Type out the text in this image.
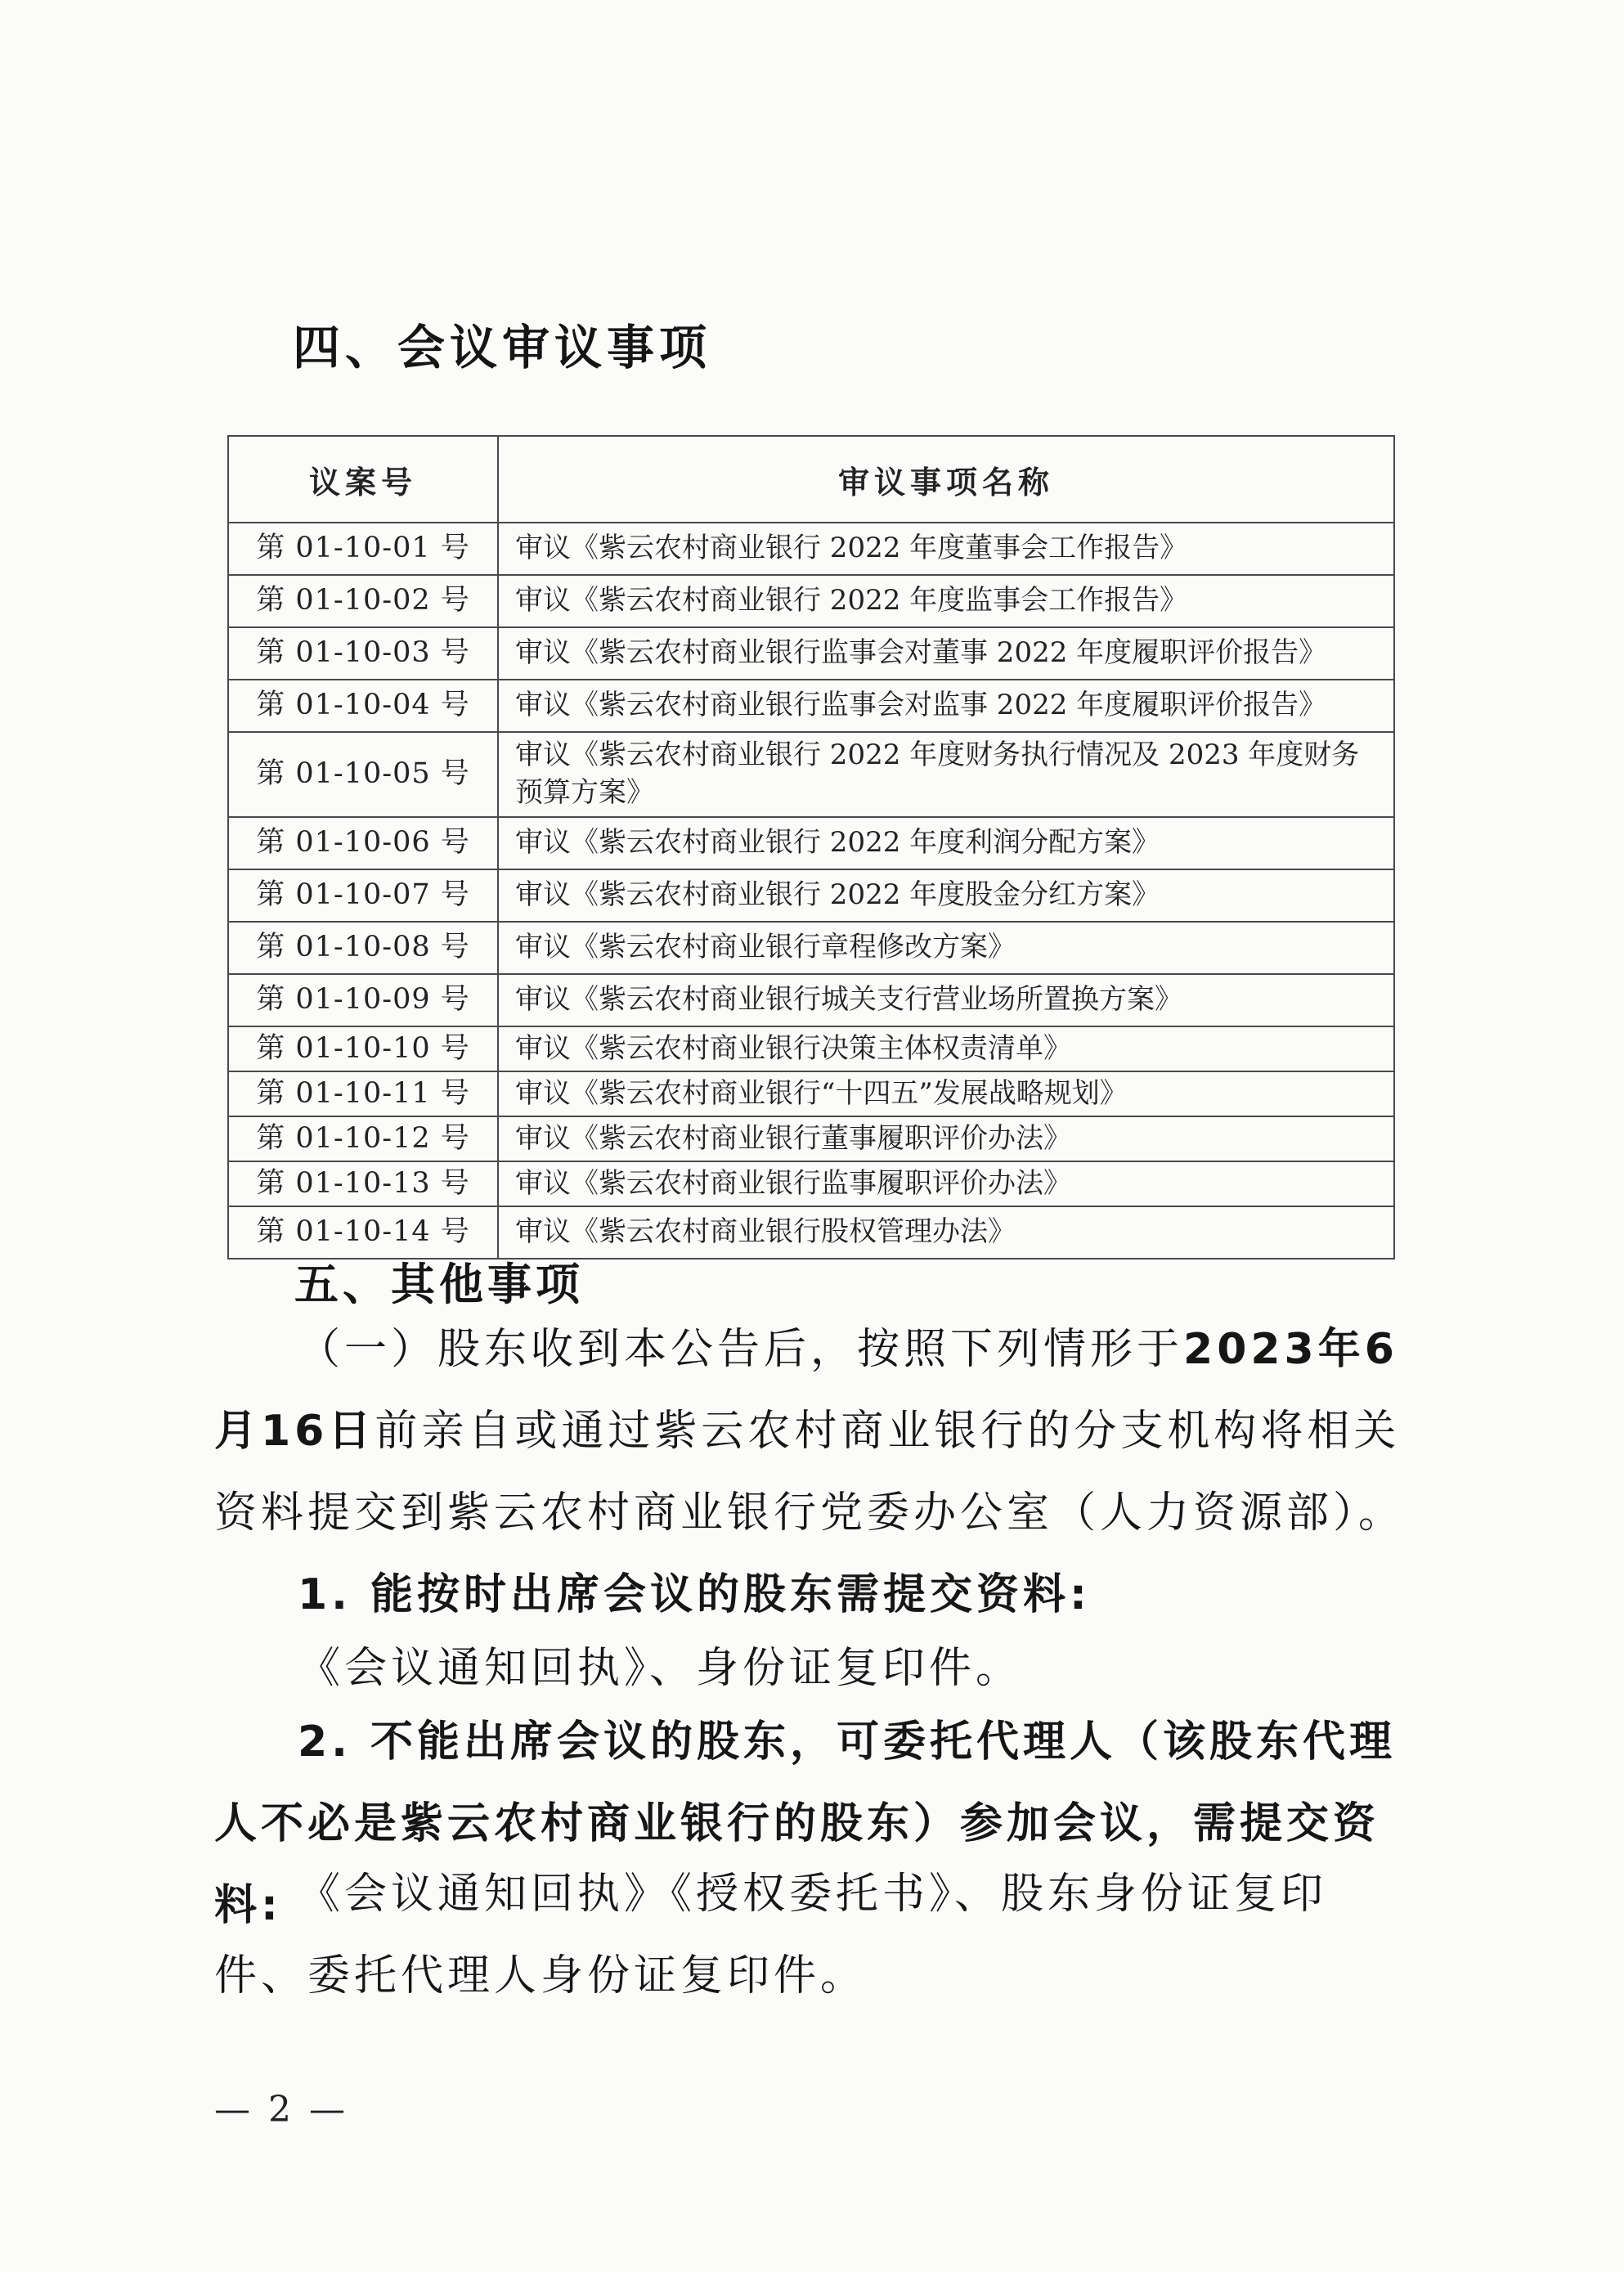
四、会议审议事项
议案号	审议事项名称
第 01-10-01 号	审议《紫云农村商业银行 2022 年度董事会工作报告》
第 01-10-02 号	审议《紫云农村商业银行 2022 年度监事会工作报告》
第 01-10-03 号	审议《紫云农村商业银行监事会对董事 2022 年度履职评价报告》
第 01-10-04 号	审议《紫云农村商业银行监事会对监事 2022 年度履职评价报告》
第 01-10-05 号	审议《紫云农村商业银行 2022 年度财务执行情况及 2023 年度财务预算方案》
第 01-10-06 号	审议《紫云农村商业银行 2022 年度利润分配方案》
第 01-10-07 号	审议《紫云农村商业银行 2022 年度股金分红方案》
第 01-10-08 号	审议《紫云农村商业银行章程修改方案》
第 01-10-09 号	审议《紫云农村商业银行城关支行营业场所置换方案》
第 01-10-10 号	审议《紫云农村商业银行决策主体权责清单》
第 01-10-11 号	审议《紫云农村商业银行“十四五”发展战略规划》
第 01-10-12 号	审议《紫云农村商业银行董事履职评价办法》
第 01-10-13 号	审议《紫云农村商业银行监事履职评价办法》
第 01-10-14 号	审议《紫云农村商业银行股权管理办法》
五、其他事项
（一）股东收到本公告后，按照下列情形于2023年6月16日前亲自或通过紫云农村商业银行的分支机构将相关资料提交到紫云农村商业银行党委办公室（人力资源部）。
1. 能按时出席会议的股东需提交资料:
《会议通知回执》、身份证复印件。
2. 不能出席会议的股东，可委托代理人（该股东代理人不必是紫云农村商业银行的股东）参加会议，需提交资料: 《会议通知回执》《授权委托书》、股东身份证复印件、委托代理人身份证复印件。
— 2 —
